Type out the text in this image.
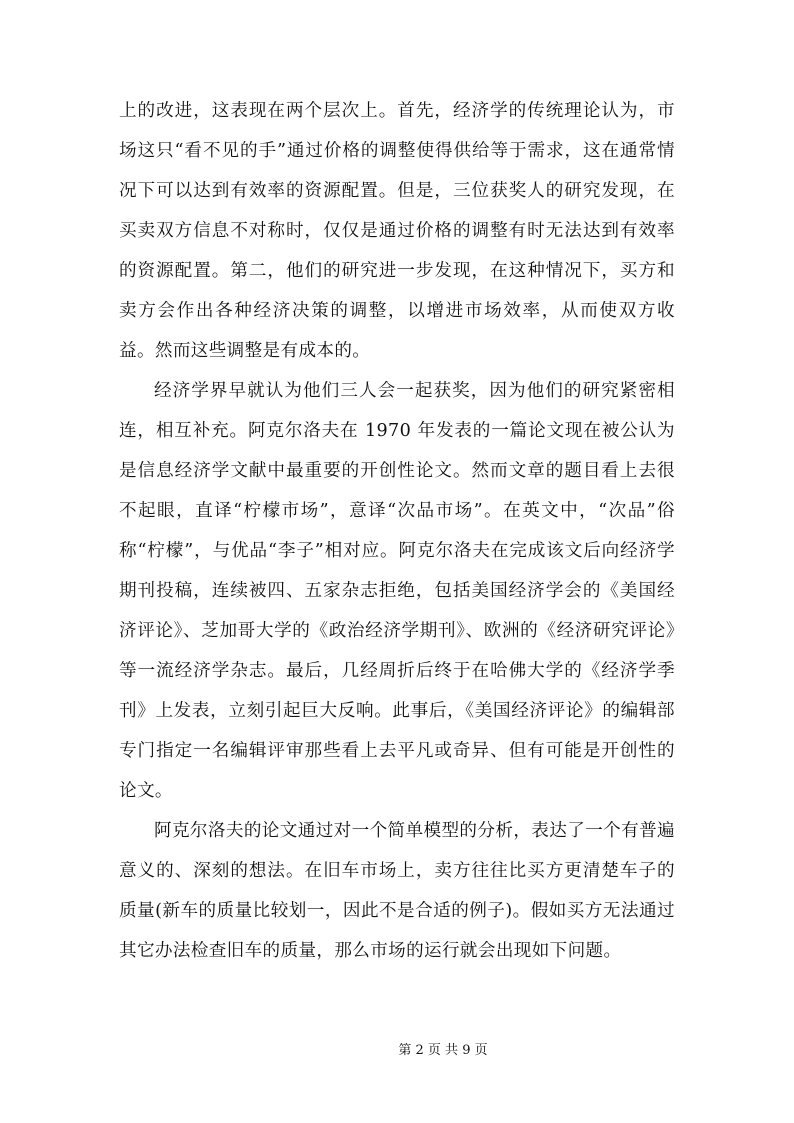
上的改进，这表现在两个层次上。首先，经济学的传统理论认为，市场这只“看不见的手”通过价格的调整使得供给等于需求，这在通常情况下可以达到有效率的资源配置。但是，三位获奖人的研究发现，在买卖双方信息不对称时，仅仅是通过价格的调整有时无法达到有效率的资源配置。第二，他们的研究进一步发现，在这种情况下，买方和卖方会作出各种经济决策的调整，以增进市场效率，从而使双方收益。然而这些调整是有成本的。

经济学界早就认为他们三人会一起获奖，因为他们的研究紧密相连，相互补充。阿克尔洛夫在 1970 年发表的一篇论文现在被公认为是信息经济学文献中最重要的开创性论文。然而文章的题目看上去很不起眼，直译“柠檬市场”，意译“次品市场”。在英文中，“次品”俗称“柠檬”，与优品“李子”相对应。阿克尔洛夫在完成该文后向经济学期刊投稿，连续被四、五家杂志拒绝，包括美国经济学会的《美国经济评论》、芝加哥大学的《政治经济学期刊》、欧洲的《经济研究评论》等一流经济学杂志。最后，几经周折后终于在哈佛大学的《经济学季刊》上发表，立刻引起巨大反响。此事后，《美国经济评论》的编辑部专门指定一名编辑评审那些看上去平凡或奇异、但有可能是开创性的论文。

阿克尔洛夫的论文通过对一个简单模型的分析，表达了一个有普遍意义的、深刻的想法。在旧车市场上，卖方往往比买方更清楚车子的质量(新车的质量比较划一，因此不是合适的例子)。假如买方无法通过其它办法检查旧车的质量，那么市场的运行就会出现如下问题。

第 2 页 共 9 页
